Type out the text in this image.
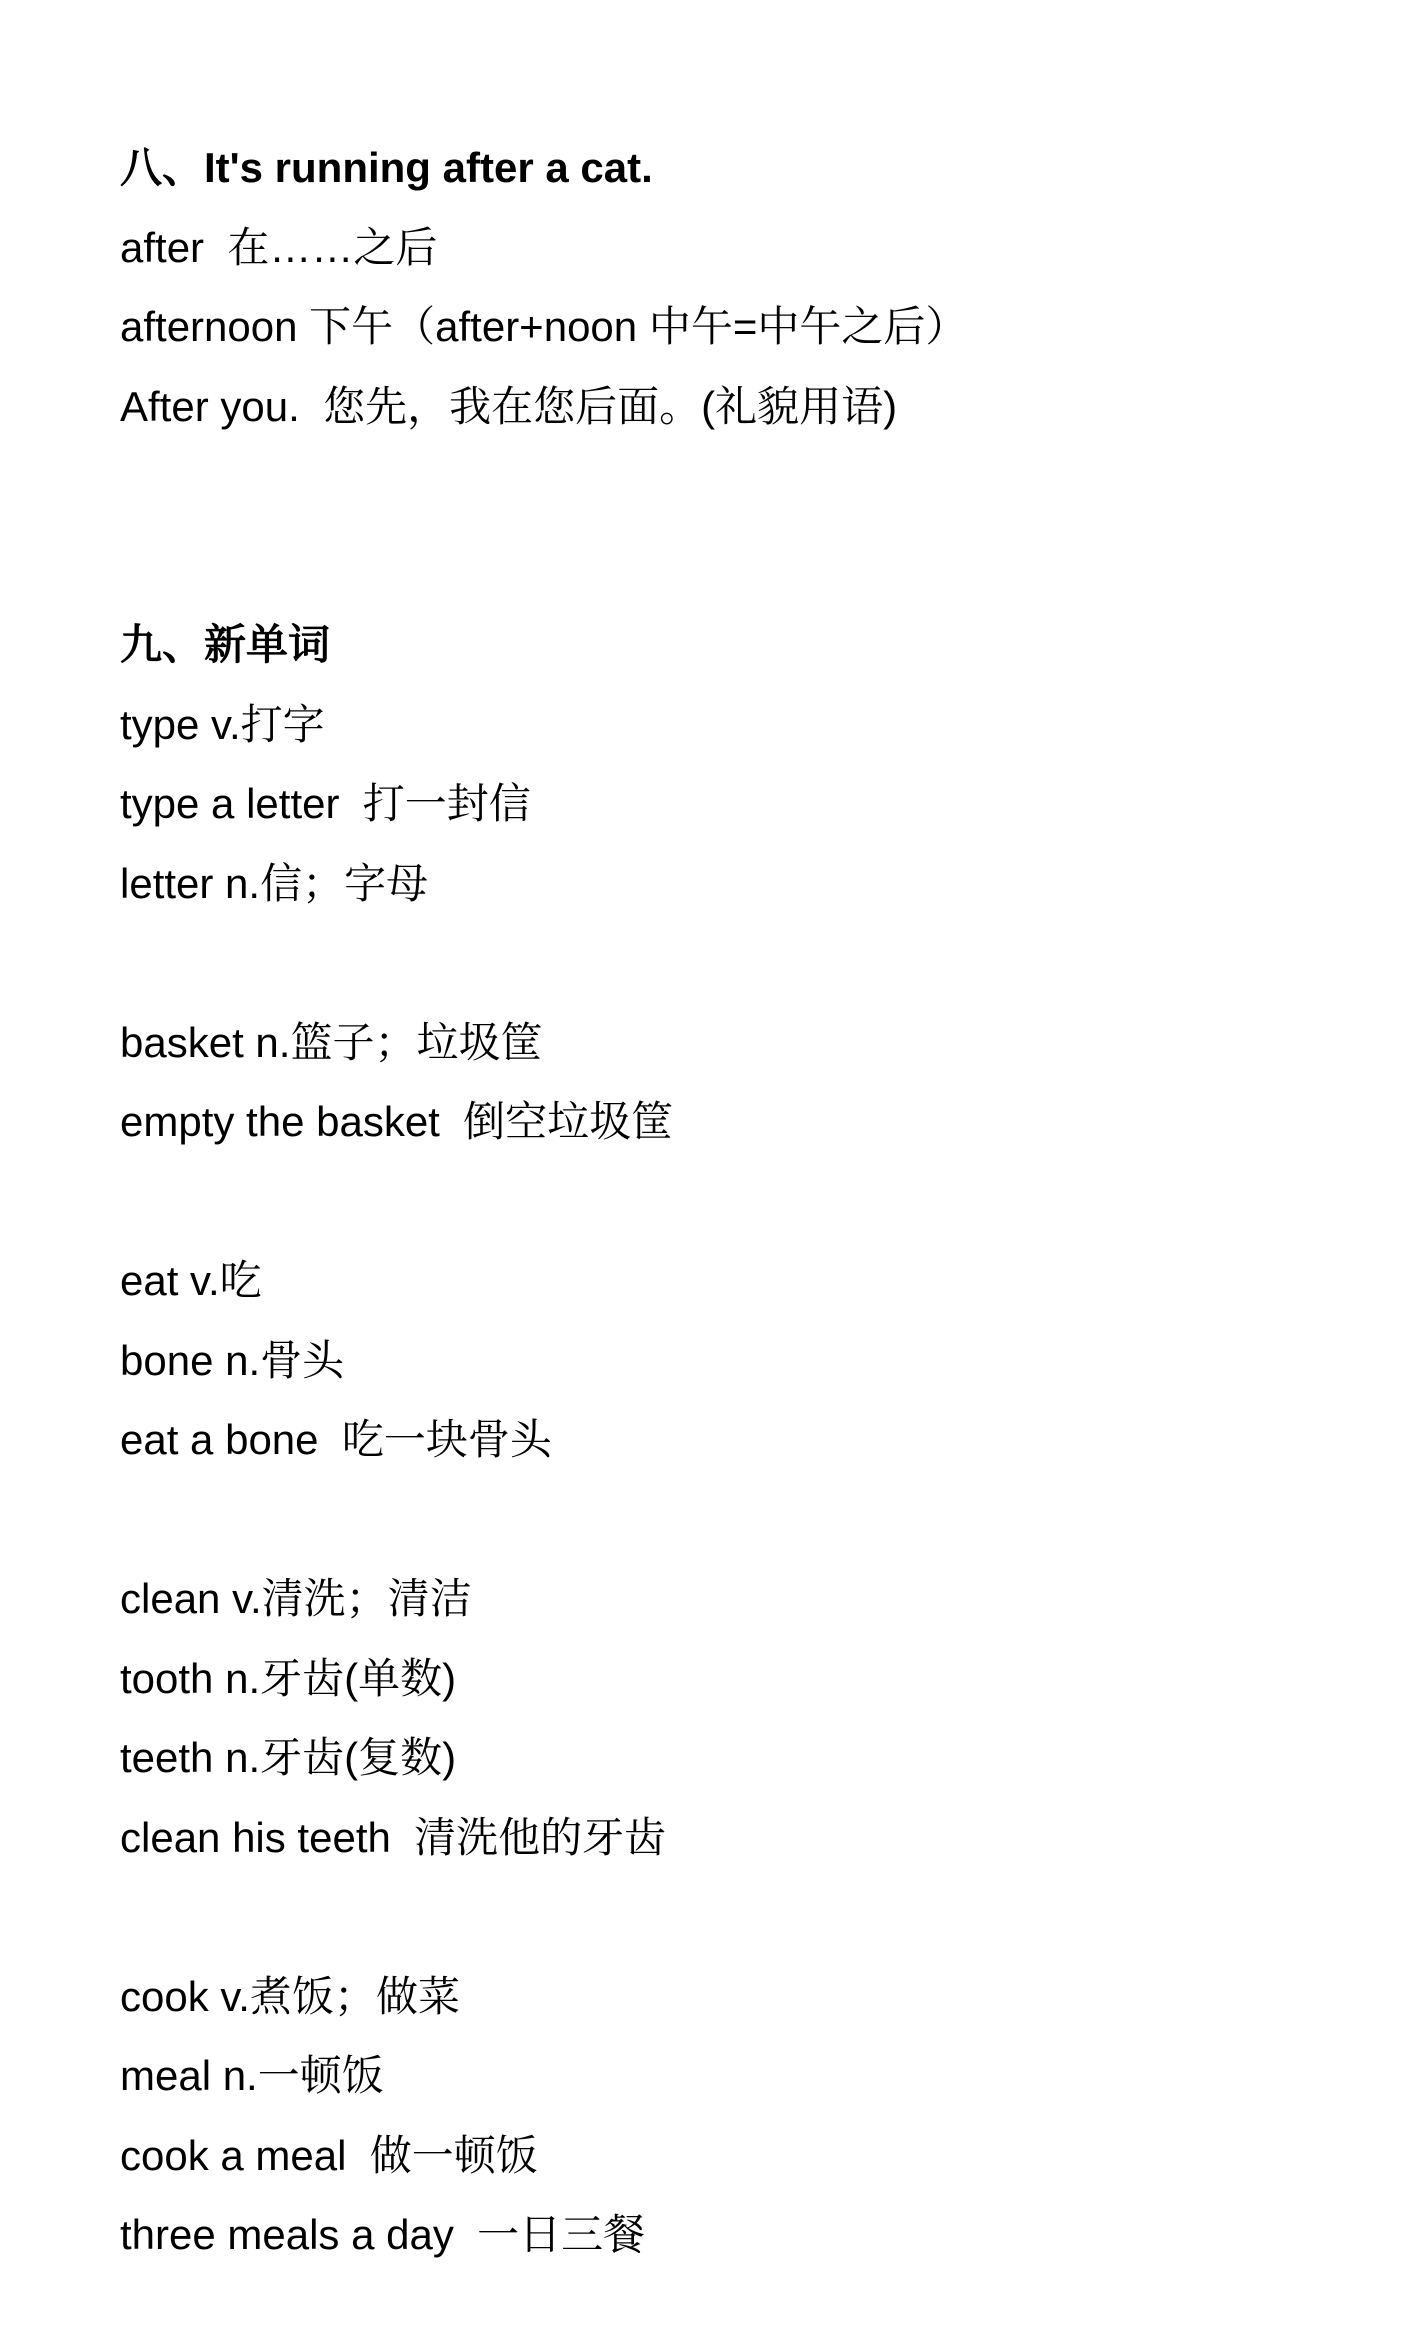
八、It's running after a cat.
after  在……之后
afternoon 下午（after+noon 中午=中午之后）
After you.  您先，我在您后面。(礼貌用语)
九、新单词
type v.打字
type a letter  打一封信
letter n.信；字母
basket n.篮子；垃圾筐
empty the basket  倒空垃圾筐
eat v.吃
bone n.骨头
eat a bone  吃一块骨头
clean v.清洗；清洁
tooth n.牙齿(单数)
teeth n.牙齿(复数)
clean his teeth  清洗他的牙齿
cook v.煮饭；做菜
meal n.一顿饭
cook a meal  做一顿饭
three meals a day  一日三餐
